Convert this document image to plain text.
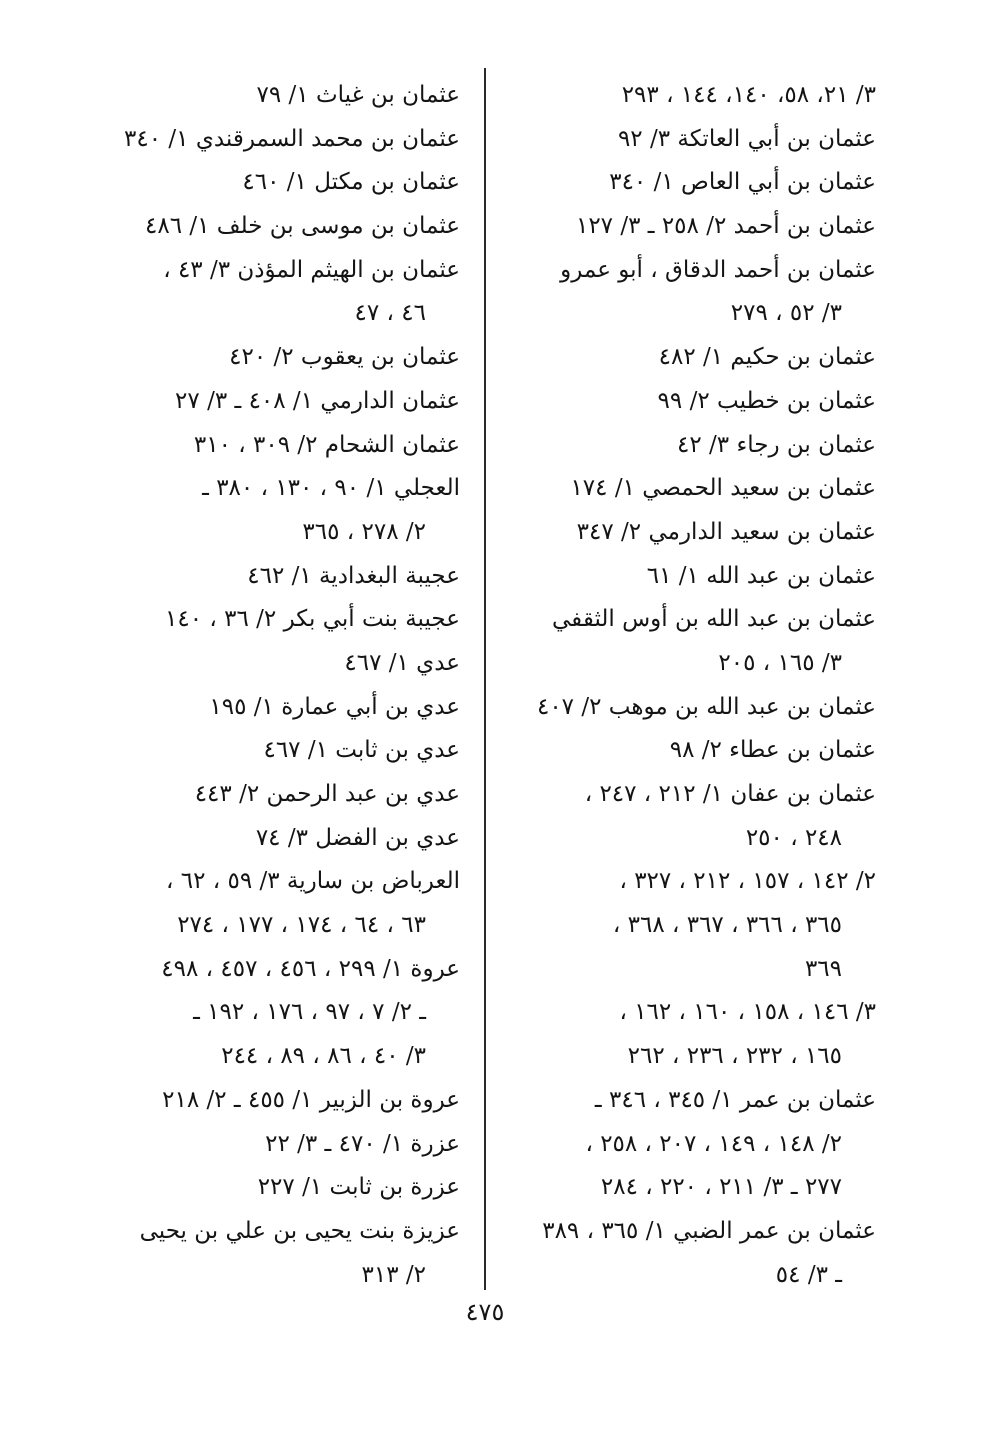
٣/ ٢١، ٥٨، ١٤٠، ١٤٤ ، ٢٩٣
عثمان بن أبي العاتكة ٣/ ٩٢
عثمان بن أبي العاص ١/ ٣٤٠
عثمان بن أحمد ٢/ ٢٥٨ ـ ٣/ ١٢٧
عثمان بن أحمد الدقاق ، أبو عمرو
٣/ ٥٢ ، ٢٧٩
عثمان بن حكيم ١/ ٤٨٢
عثمان بن خطيب ٢/ ٩٩
عثمان بن رجاء ٣/ ٤٢
عثمان بن سعيد الحمصي ١/ ١٧٤
عثمان بن سعيد الدارمي ٢/ ٣٤٧
عثمان بن عبد الله ١/ ٦١
عثمان بن عبد الله بن أوس الثقفي
٣/ ١٦٥ ، ٢٠٥
عثمان بن عبد الله بن موهب ٢/ ٤٠٧
عثمان بن عطاء ٢/ ٩٨
عثمان بن عفان ١/ ٢١٢ ، ٢٤٧ ،
٢٤٨ ، ٢٥٠
٢/ ١٤٢ ، ١٥٧ ، ٢١٢ ، ٣٢٧ ،
٣٦٥ ، ٣٦٦ ، ٣٦٧ ، ٣٦٨ ،
٣٦٩
٣/ ١٤٦ ، ١٥٨ ، ١٦٠ ، ١٦٢ ،
١٦٥ ، ٢٣٢ ، ٢٣٦ ، ٢٦٢
عثمان بن عمر ١/ ٣٤٥ ، ٣٤٦ ـ
٢/ ١٤٨ ، ١٤٩ ، ٢٠٧ ، ٢٥٨ ،
٢٧٧ ـ ٣/ ٢١١ ، ٢٢٠ ، ٢٨٤
عثمان بن عمر الضبي ١/ ٣٦٥ ، ٣٨٩
ـ ٣/ ٥٤
عثمان بن غياث ١/ ٧٩
عثمان بن محمد السمرقندي ١/ ٣٤٠
عثمان بن مكتل ١/ ٤٦٠
عثمان بن موسى بن خلف ١/ ٤٨٦
عثمان بن الهيثم المؤذن ٣/ ٤٣ ،
٤٦ ، ٤٧
عثمان بن يعقوب ٢/ ٤٢٠
عثمان الدارمي ١/ ٤٠٨ ـ ٣/ ٢٧
عثمان الشحام ٢/ ٣٠٩ ، ٣١٠
العجلي ١/ ٩٠ ، ١٣٠ ، ٣٨٠ ـ
٢/ ٢٧٨ ، ٣٦٥
عجيبة البغدادية ١/ ٤٦٢
عجيبة بنت أبي بكر ٢/ ٣٦ ، ١٤٠
عدي ١/ ٤٦٧
عدي بن أبي عمارة ١/ ١٩٥
عدي بن ثابت ١/ ٤٦٧
عدي بن عبد الرحمن ٢/ ٤٤٣
عدي بن الفضل ٣/ ٧٤
العرباض بن سارية ٣/ ٥٩ ، ٦٢ ،
٦٣ ، ٦٤ ، ١٧٤ ، ١٧٧ ، ٢٧٤
عروة ١/ ٢٩٩ ، ٤٥٦ ، ٤٥٧ ، ٤٩٨
ـ ٢/ ٧ ، ٩٧ ، ١٧٦ ، ١٩٢ ـ
٣/ ٤٠ ، ٨٦ ، ٨٩ ، ٢٤٤
عروة بن الزبير ١/ ٤٥٥ ـ ٢/ ٢١٨
عزرة ١/ ٤٧٠ ـ ٣/ ٢٢
عزرة بن ثابت ١/ ٢٢٧
عزيزة بنت يحيى بن علي بن يحيى
٢/ ٣١٣
٤٧٥
